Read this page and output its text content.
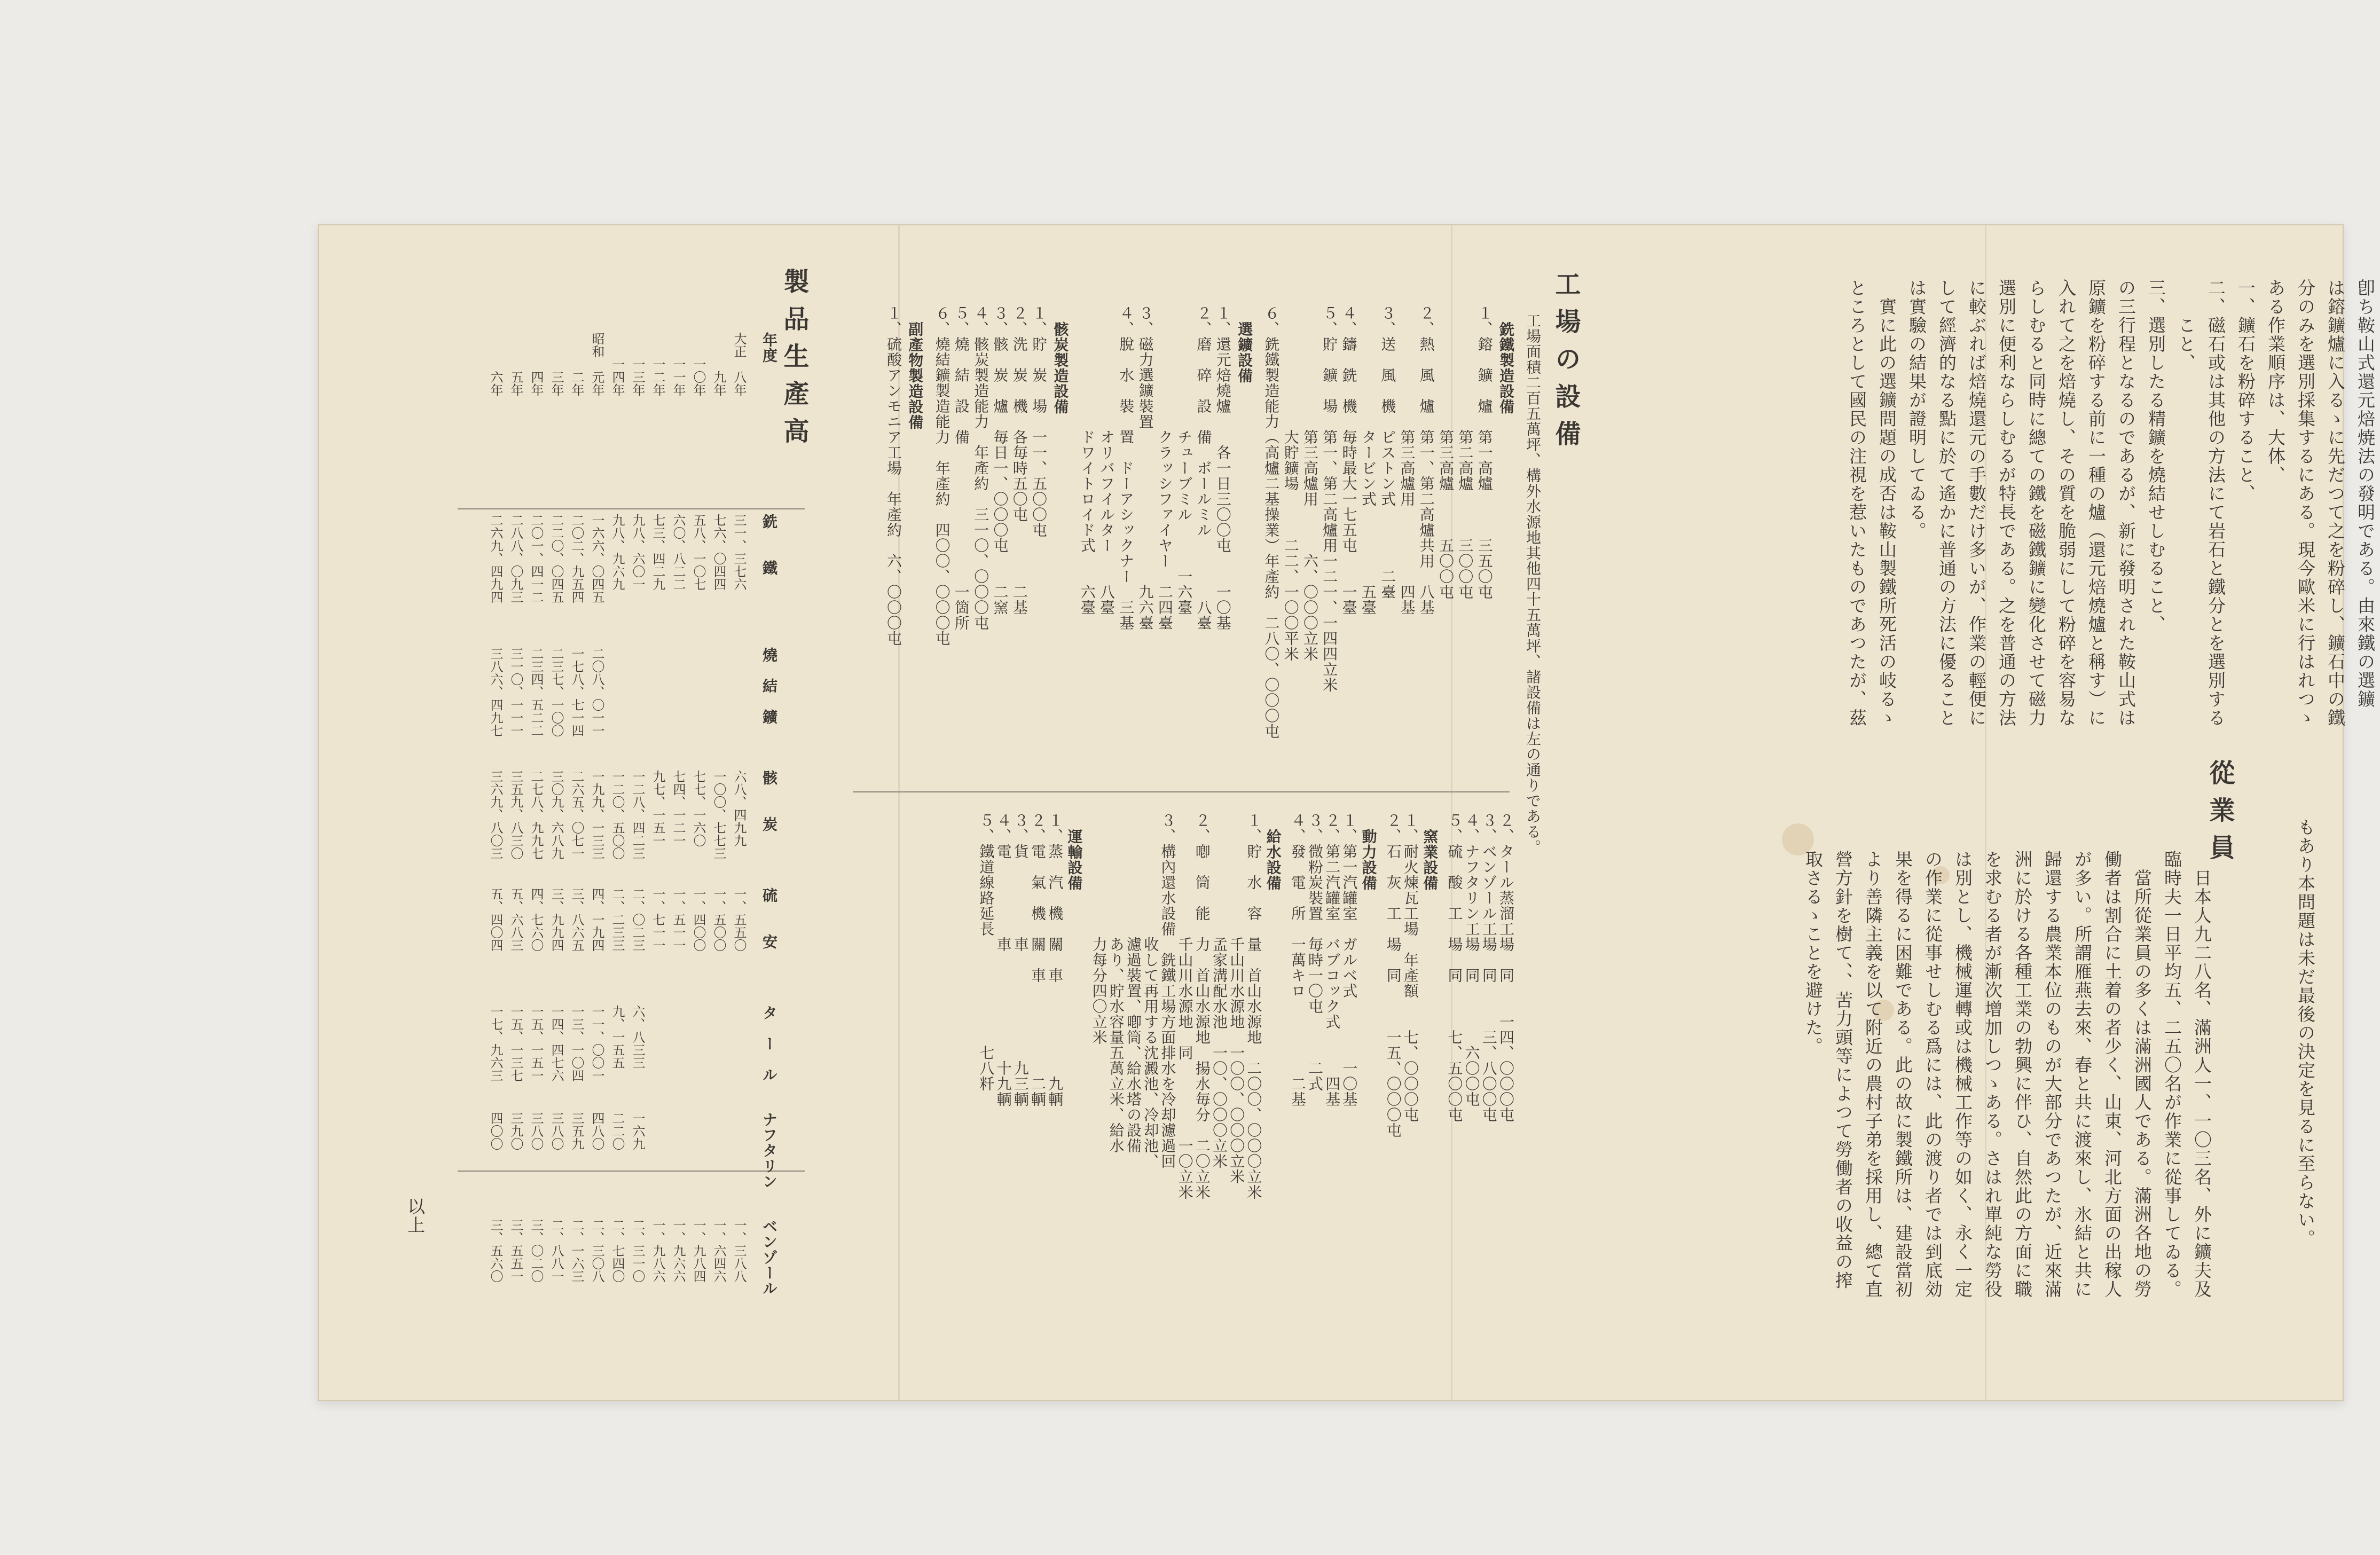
卽ち鞍山式還元焙焼法の發明である。由來鐵の選鑛
は鎔鑛爐に入るゝに先だつて之を粉碎し、鑛石中の鐵
分のみを選別採集するにある。現今歐米に行はれつゝ
ある作業順序は、大体、
一、鑛石を粉碎すること、
二、磁石或は其他の方法にて岩石と鐵分とを選別する
　　こと、
三、選別したる精鑛を燒結せしむること、
の三行程となるのであるが、新に發明された鞍山式は
原鑛を粉碎する前に一種の爐（還元焙燒爐と稱す）に
入れて之を焙燒し、その質を脆弱にして粉碎を容易な
らしむると同時に總ての鐵を磁鐵鑛に變化させて磁力
選別に便利ならしむるが特長である。之を普通の方法
に較ぶれば焙燒還元の手數だけ多いが、作業の輕便に
して經濟的なる點に於て遙かに普通の方法に優ること
は實驗の結果が證明してゐる。
　實に此の選鑛問題の成否は鞍山製鐵所死活の岐るゝ
ところとして國民の注視を惹いたものであつたが、茲
もあり本問題は未だ最後の決定を見るに至らない。
從業員
　日本人九二八名、滿洲人一、一〇三名、外に鑛夫及
臨時夫一日平均五、二五〇名が作業に從事してゐる。
　當所從業員の多くは滿洲國人である。滿洲各地の勞
働者は割合に土着の者少く、山東、河北方面の出稼人
が多い。所謂雁燕去來、春と共に渡來し、氷結と共に
歸還する農業本位のものが大部分であつたが、近來滿
洲に於ける各種工業の勃興に伴ひ、自然此の方面に職
を求むる者が漸次增加しつゝある。さはれ單純な勞役
は別とし、機械運轉或は機械工作等の如く、永く一定
の作業に從事せしむる爲には、此の渡り者では到底効
果を得るに困難である。此の故に製鐵所は、建設當初
より善隣主義を以て附近の農村子弟を採用し、總て直
營方針を樹て、、苦力頭等によつて勞働者の收益の搾
取さるゝことを避けた。
工場の設備
　工場面積二百五萬坪、構外水源地其他四十五萬坪、諸設備は左の通りである。
銑鐵製造設備
１、鎔　鑛　爐　第一高爐　　　三五〇屯
　　　　　　　　第二高爐　　　三〇〇屯
　　　　　　　　第三高爐　　　五〇〇屯
２、熱　風　爐　第一、第二高爐共用　八基
　　　　　　　　第三高爐用　　　　　四基
３、送　風　機　ピストン式　　　　二臺
　　　　　　　　タービン式　　　　　五臺
４、鑄　銑　機　毎時最大一七五屯　　一臺
５、貯　鑛　場　第一、第二高爐用一二一、一四四立米
　　　　　　　　第三高爐用　　　六、〇〇〇立米
　　　　　　　　大貯鑛場　　　二二、一〇〇平米
６、銑鐵製造能力（高爐二基操業）年產約　二八〇、〇〇〇屯
選鑛設備
１、還元焙燒爐　　各一日三〇〇屯　　一〇基
２、磨　碎　設　備　ボールミル　　　　八臺
　　　　　　　　チューブミル　　　一六臺
　　　　　　　　クラッシファイヤー　二四臺
３、磁力選鑛裝置　　　　　　　　　　九六臺
４、脫　水　裝　置　ドーアシックナー　三基
　　　　　　　　オリバフイルター　　八臺
　　　　　　　　ドワイトロイド式　　六臺
骸炭製造設備
１、貯　炭　場　一一、五〇〇屯
２、洗　炭　機　各毎時五〇屯　　　　二基
３、骸　炭　爐　毎日一、〇〇〇屯　　二窯
４、骸炭製造能力　年產約　三一〇、〇〇〇屯
５、燒　結　設　備　　　　　　　　　一箇所
６、燒結鑛製造能力　年產約　四〇〇、〇〇〇屯
副產物製造設備
１、硫酸アンモニア工場　年產約　六、〇〇〇屯
２、タール蒸溜工場　同　　一四、〇〇〇屯
３、ベンゾール工場　同　　　三、八〇〇屯
４、ナフタリン工場　同　　　　六〇〇屯
５、硫　酸　工　場　同　　　七、五〇〇屯
窯業設備
１、耐火煉瓦工場　年產額　　七、〇〇〇屯
２、石　灰　工　場　同　　　一五、〇〇〇屯
動力設備
１、第一汽罐室　ガルベ式　　　　一〇基
２、第二汽罐室　バブコック式　　　四基
３、微粉炭裝置　毎時一〇屯　　　二式
４、發　電　所　一萬キロ　　　　　二基
給水設備
１、貯　水　容　量　首山水源地　二〇〇、〇〇〇立米
　　　　　　　　千山川水源地　一〇〇、〇〇〇立米
　　　　　　　　孟家溝配水池　一〇、〇〇〇立米
２、喞　筒　能　力　首山水源地　揚水毎分　二〇立米
　　　　　　　　千山川水源地　同　　　　　一〇立米
３、構內還水設備　銑鐵工場方面排水を冷却濾過回
　　　　　　　　收して再用する沈澱池、冷却池、
　　　　　　　　濾過裝置、喞筒、給水塔の設備
　　　　　　　　あり、貯水容量五萬立米、給水
　　　　　　　　力每分四〇立米
運輸設備
１、蒸　汽　機　關　車　　　　　　九輌
２、電　氣　機　關　車　　　　　　二輌
３、貨　　　　　車　　　　　　　九三輌
４、電　　　　　車　　　　　　　十九輌
５、鐵道線路延長　　　　　　　七八粁
製品生產高
年度
銑　　鐵
燒　結　鑛
骸　　炭
硫　　安
タ　ー　ル
ナフタリン
ベンゾール
大正　八年
三一、三七六
六八、四九九
一、五五〇
一、三八八
　　　九年
七六、〇四四
一〇〇、七七三
一、五〇〇
一、六四六
　　一〇年
五八、一〇七
七七、一六〇
一、四〇〇
一、九八四
　　一一年
六〇、八二二
七四、一二一
一、五一一
一、九六六
　　一二年
七三、四二九
九七、一五一
一、七一一
一、九八六
　　一三年
九八、六〇一
一二八、四二三
二、〇二三
六、八三三
一六九
二、三一〇
　　一四年
九八、九六九
一二〇、五〇〇
二、二三三
九、一五五
二二〇
二、七四〇
昭和　元年
一六六、〇四五
二〇八、〇一一
一九九、一三三
四、一九四
一一、〇〇一
四八〇
二、三〇八
　　　二年
二〇二、九五四
一七八、七一四
二六五、〇七一
三、八六五
一三、一〇四
三五九
二、一六三
　　　三年
二二〇、〇四五
二三七、一〇〇
三〇九、六八九
三、九九四
一四、四七六
三八〇
二、八八一
　　　四年
二〇一、四一二
二三四、五二二
二七八、九九七
四、七六〇
一五、一五一
三八〇
三、〇二〇
　　　五年
二八八、〇九三
三一〇、一一一
三五九、八三〇
五、六八三
一五、一三七
三九〇
三、五五一
　　　六年
二六九、四九四
三八六、四九七
三六九、八〇三
五、四〇四
一七、九六三
四〇〇
三、五六〇
以上
